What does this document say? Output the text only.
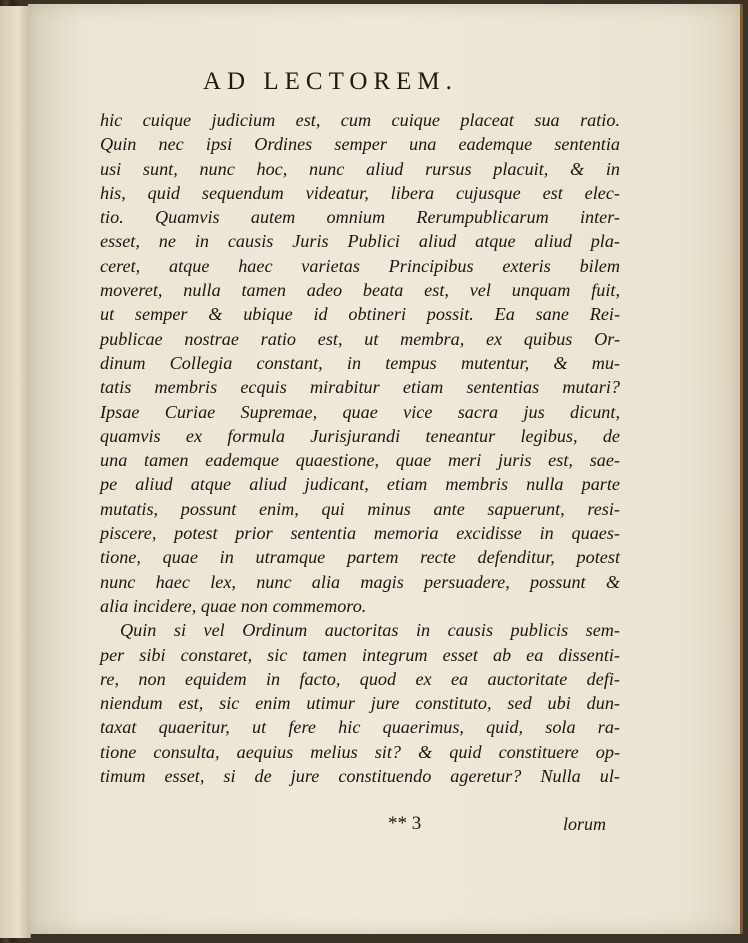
AD LECTOREM.
hic cuique judicium est, cum cuique placeat sua ratio.
Quin nec ipsi Ordines semper una eademque sententia
usi sunt, nunc hoc, nunc aliud rursus placuit, & in
his, quid sequendum videatur, libera cujusque est elec-
tio. Quamvis autem omnium Rerumpublicarum inter-
esset, ne in causis Juris Publici aliud atque aliud pla-
ceret, atque haec varietas Principibus exteris bilem
moveret, nulla tamen adeo beata est, vel unquam fuit,
ut semper & ubique id obtineri possit. Ea sane Rei-
publicae nostrae ratio est, ut membra, ex quibus Or-
dinum Collegia constant, in tempus mutentur, & mu-
tatis membris ecquis mirabitur etiam sententias mutari?
Ipsae Curiae Supremae, quae vice sacra jus dicunt,
quamvis ex formula Jurisjurandi teneantur legibus, de
una tamen eademque quaestione, quae meri juris est, sae-
pe aliud atque aliud judicant, etiam membris nulla parte
mutatis, possunt enim, qui minus ante sapuerunt, resi-
piscere, potest prior sententia memoria excidisse in quaes-
tione, quae in utramque partem recte defenditur, potest
nunc haec lex, nunc alia magis persuadere, possunt &
alia incidere, quae non commemoro.
Quin si vel Ordinum auctoritas in causis publicis sem-
per sibi constaret, sic tamen integrum esset ab ea dissenti-
re, non equidem in facto, quod ex ea auctoritate defi-
niendum est, sic enim utimur jure constituto, sed ubi dun-
taxat quaeritur, ut fere hic quaerimus, quid, sola ra-
tione consulta, aequius melius sit? & quid constituere op-
timum esset, si de jure constituendo ageretur? Nulla ul-
** 3	lorum
